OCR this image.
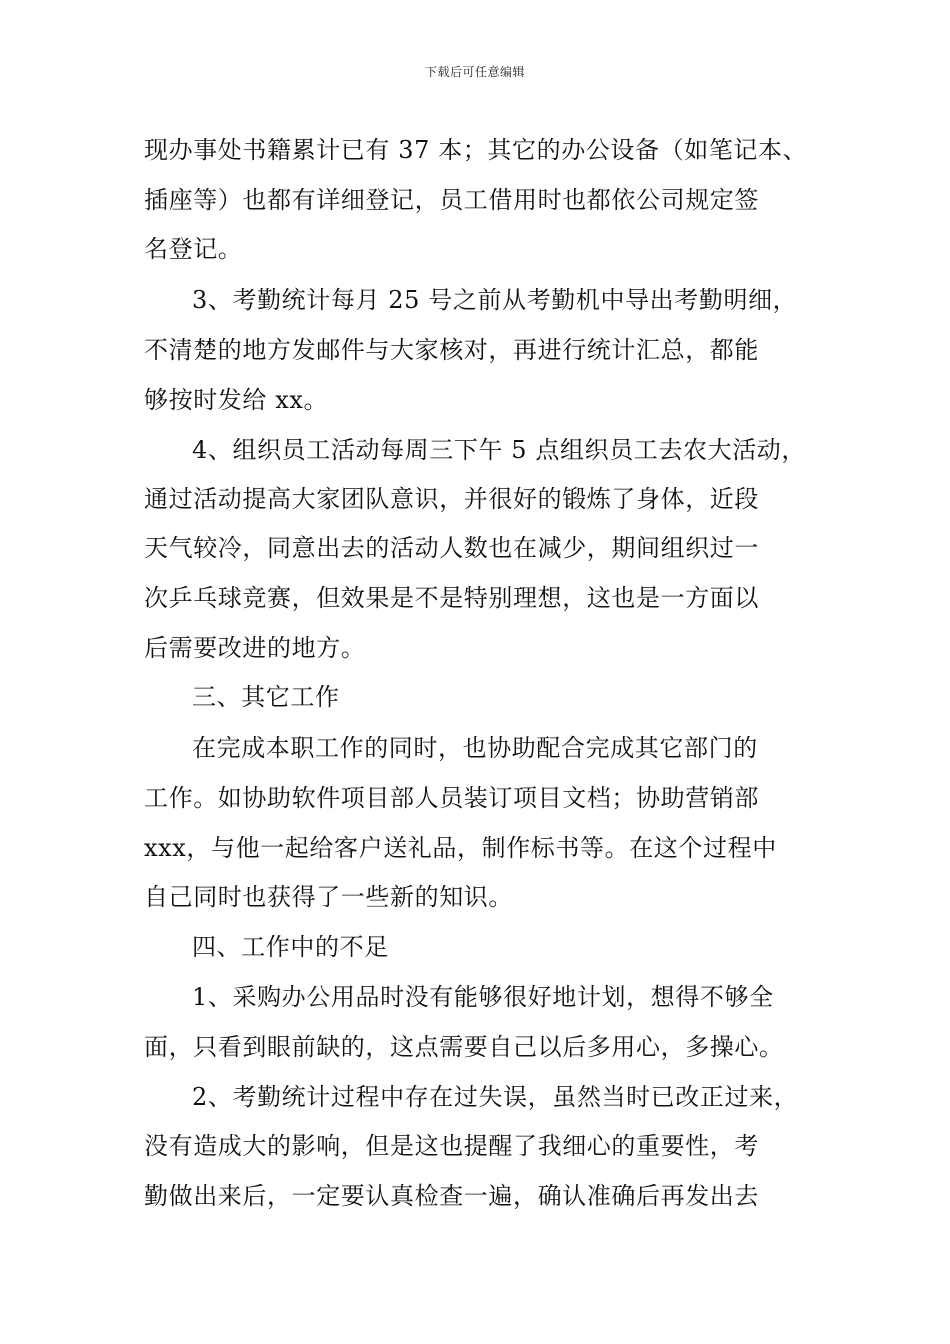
下载后可任意编辑
现办事处书籍累计已有 37 本；其它的办公设备（如笔记本、
插座等）也都有详细登记，员工借用时也都依公司规定签
名登记。
3、考勤统计每月 25 号之前从考勤机中导出考勤明细，
不清楚的地方发邮件与大家核对，再进行统计汇总，都能
够按时发给 xx。
4、组织员工活动每周三下午 5 点组织员工去农大活动，
通过活动提高大家团队意识，并很好的锻炼了身体，近段
天气较冷，同意出去的活动人数也在减少，期间组织过一
次乒乓球竞赛，但效果是不是特别理想，这也是一方面以
后需要改进的地方。
三、其它工作
在完成本职工作的同时，也协助配合完成其它部门的
工作。如协助软件项目部人员装订项目文档；协助营销部
xxx，与他一起给客户送礼品，制作标书等。在这个过程中
自己同时也获得了一些新的知识。
四、工作中的不足
1、采购办公用品时没有能够很好地计划，想得不够全
面，只看到眼前缺的，这点需要自己以后多用心，多操心。
2、考勤统计过程中存在过失误，虽然当时已改正过来，
没有造成大的影响，但是这也提醒了我细心的重要性，考
勤做出来后，一定要认真检查一遍，确认准确后再发出去
